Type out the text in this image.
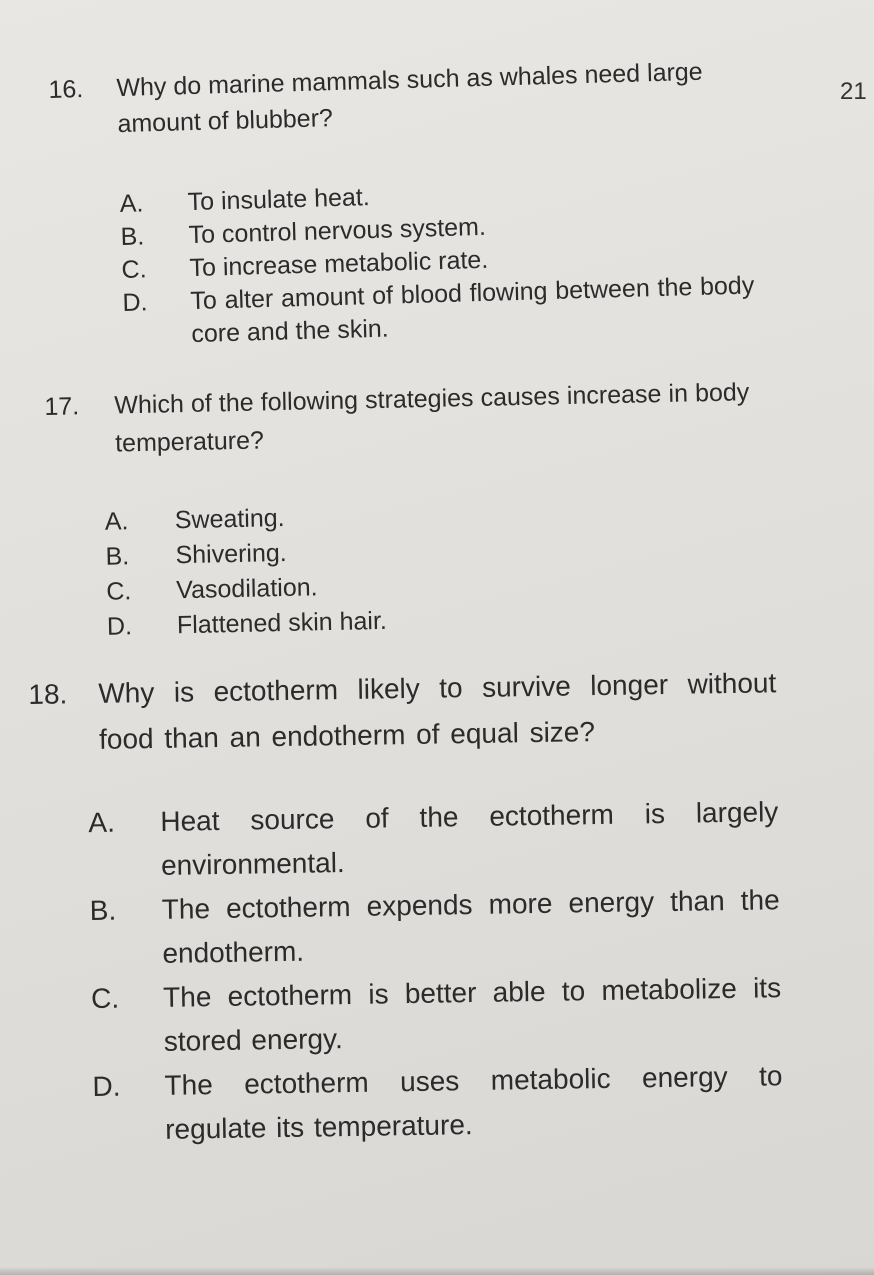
21
16.	Why do marine mammals such as whales need large amount of blubber?
A.	To insulate heat.
B.	To control nervous system.
C.	To increase metabolic rate.
D.	To alter amount of blood flowing between the body core and the skin.
17.	Which of the following strategies causes increase in body temperature?
A.	Sweating.
B.	Shivering.
C.	Vasodilation.
D.	Flattened skin hair.
18.	Why is ectotherm likely to survive longer without food than an endotherm of equal size?
A.	Heat source of the ectotherm is largely environmental.
B.	The ectotherm expends more energy than the endotherm.
C.	The ectotherm is better able to metabolize its stored energy.
D.	The ectotherm uses metabolic energy to regulate its temperature.
